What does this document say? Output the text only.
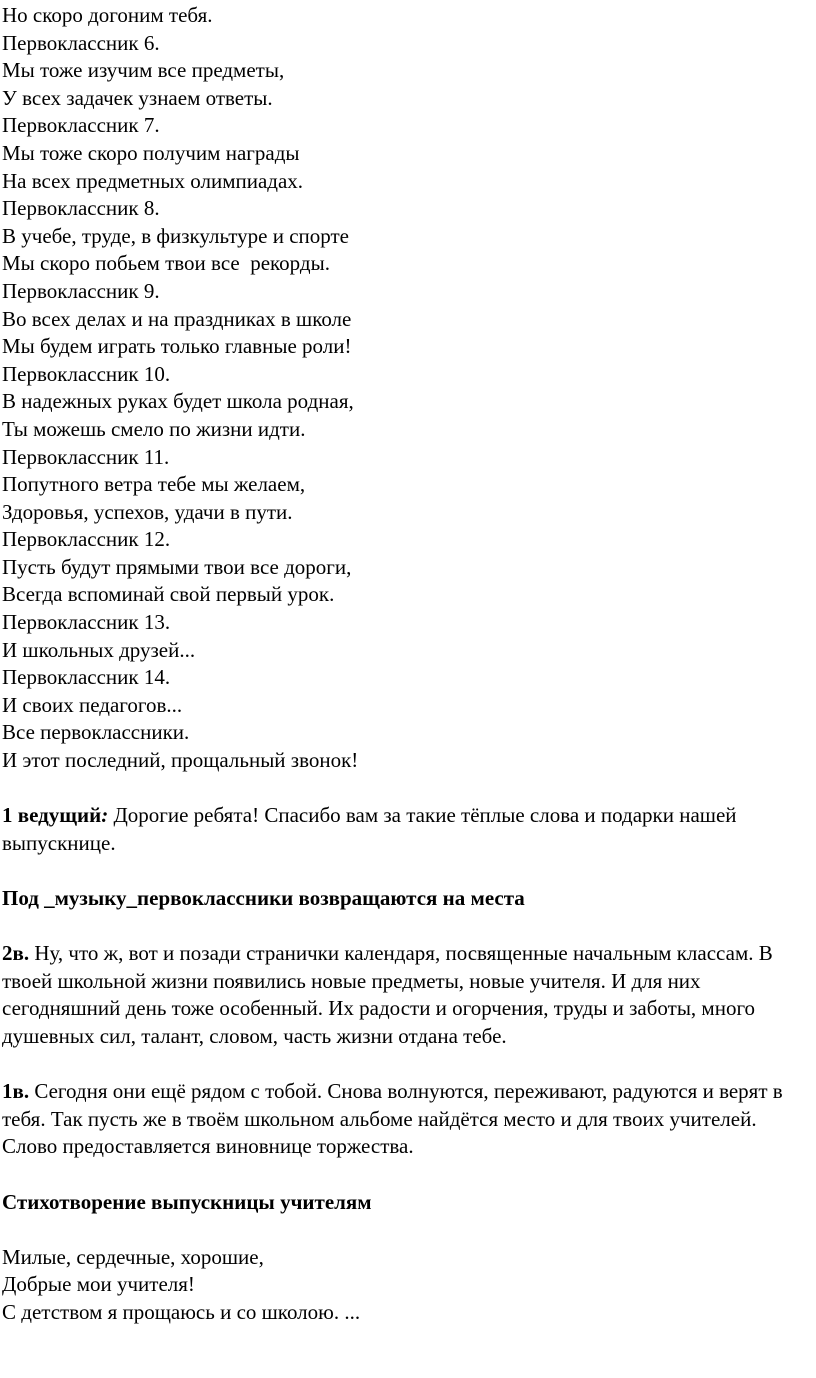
Но скоро догоним тебя.
Первоклассник 6.
Мы тоже изучим все предметы,
У всех задачек узнаем ответы.
Первоклассник 7.
Мы тоже скоро получим награды
На всех предметных олимпиадах.
Первоклассник 8.
В учебе, труде, в физкультуре и спорте
Мы скоро побьем твои все  рекорды.
Первоклассник 9.
Во всех делах и на праздниках в школе
Мы будем играть только главные роли!
Первоклассник 10.
В надежных руках будет школа родная,
Ты можешь смело по жизни идти.
Первоклассник 11.
Попутного ветра тебе мы желаем,
Здоровья, успехов, удачи в пути.
Первоклассник 12.
Пусть будут прямыми твои все дороги,
Всегда вспоминай свой первый урок.
Первоклассник 13.
И школьных друзей...
Первоклассник 14.
И своих педагогов...
Все первоклассники.
И этот последний, прощальный звонок!

1 ведущий: Дорогие ребята! Спасибо вам за такие тёплые слова и подарки нашей выпускнице.

Под _музыку_первоклассники возвращаются на места

2в. Ну, что ж, вот и позади странички календаря, посвященные начальным классам. В твоей школьной жизни появились новые предметы, новые учителя. И для них сегодняшний день тоже особенный. Их радости и огорчения, труды и заботы, много душевных сил, талант, словом, часть жизни отдана тебе.

1в. Сегодня они ещё рядом с тобой. Снова волнуются, переживают, радуются и верят в тебя. Так пусть же в твоём школьном альбоме найдётся место и для твоих учителей. Слово предоставляется виновнице торжества.

Стихотворение выпускницы учителям

Милые, сердечные, хорошие,
Добрые мои учителя!
С детством я прощаюсь и со школою. ...
